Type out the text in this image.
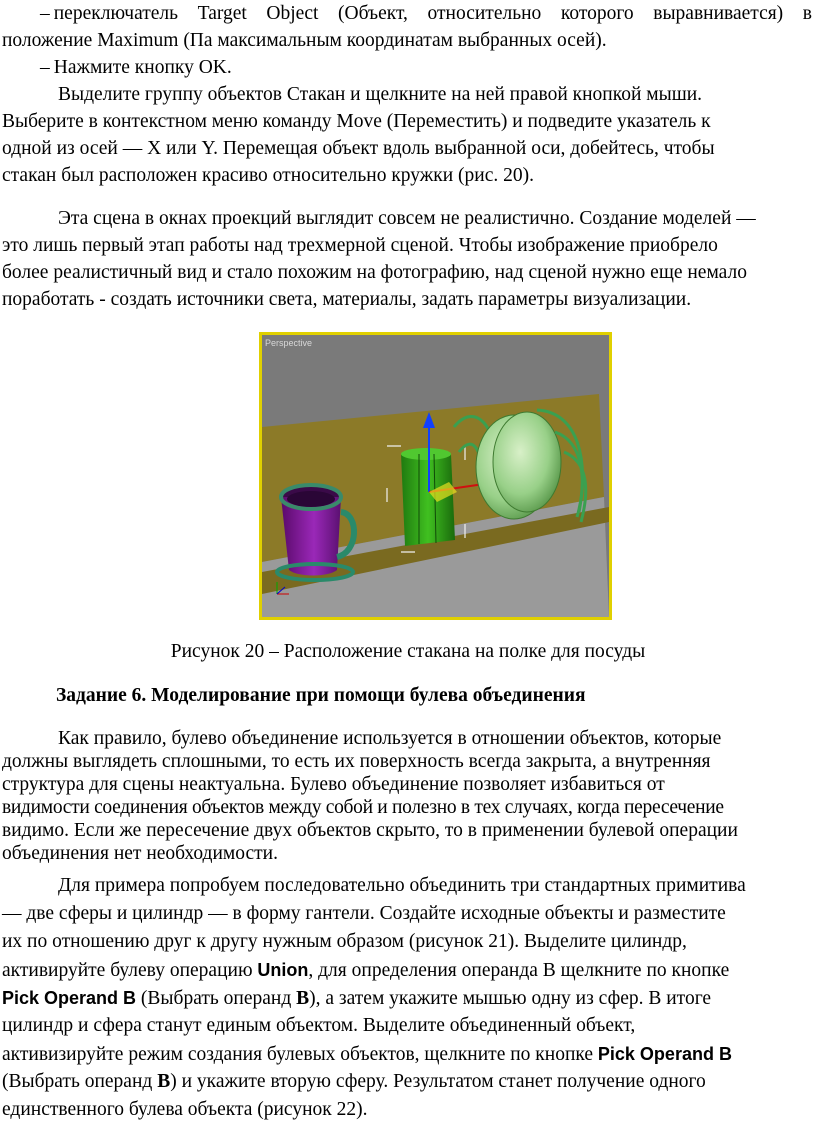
– переключатель Target Object (Объект, относительно которого выравнивается) в
положение Maximum (Па максимальным координатам выбранных осей).
– Нажмите кнопку OK.
Выделите группу объектов Стакан и щелкните на ней правой кнопкой мыши.
Выберите в контекстном меню команду Move (Переместить) и подведите указатель к
одной из осей — X или Y. Перемещая объект вдоль выбранной оси, добейтесь, чтобы
стакан был расположен красиво относительно кружки (рис. 20).
Эта сцена в окнах проекций выглядит совсем не реалистично. Создание моделей —
это лишь первый этап работы над трехмерной сценой. Чтобы изображение приобрело
более реалистичный вид и стало похожим на фотографию, над сценой нужно еще немало
поработать - создать источники света, материалы, задать параметры визуализации.
Perspective
Рисунок 20 – Расположение стакана на полке для посуды
Задание 6. Моделирование при помощи булева объединения
Как правило, булево объединение используется в отношении объектов, которые
должны выглядеть сплошными, то есть их поверхность всегда закрыта, а внутренняя
структура для сцены неактуальна. Булево объединение позволяет избавиться от
видимости соединения объектов между собой и полезно в тех случаях, когда пересечение
видимо. Если же пересечение двух объектов скрыто, то в применении булевой операции
объединения нет необходимости.
Для примера попробуем последовательно объединить три стандартных примитива
— две сферы и цилиндр — в форму гантели. Создайте исходные объекты и разместите
их по отношению друг к другу нужным образом (рисунок 21). Выделите цилиндр,
активируйте булеву операцию Union, для определения операнда B щелкните по кнопке
Pick Operand B (Выбрать операнд B), а затем укажите мышью одну из сфер. В итоге
цилиндр и сфера станут единым объектом. Выделите объединенный объект,
активизируйте режим создания булевых объектов, щелкните по кнопке Pick Operand B
(Выбрать операнд B) и укажите вторую сферу. Результатом станет получение одного
единственного булева объекта (рисунок 22).
